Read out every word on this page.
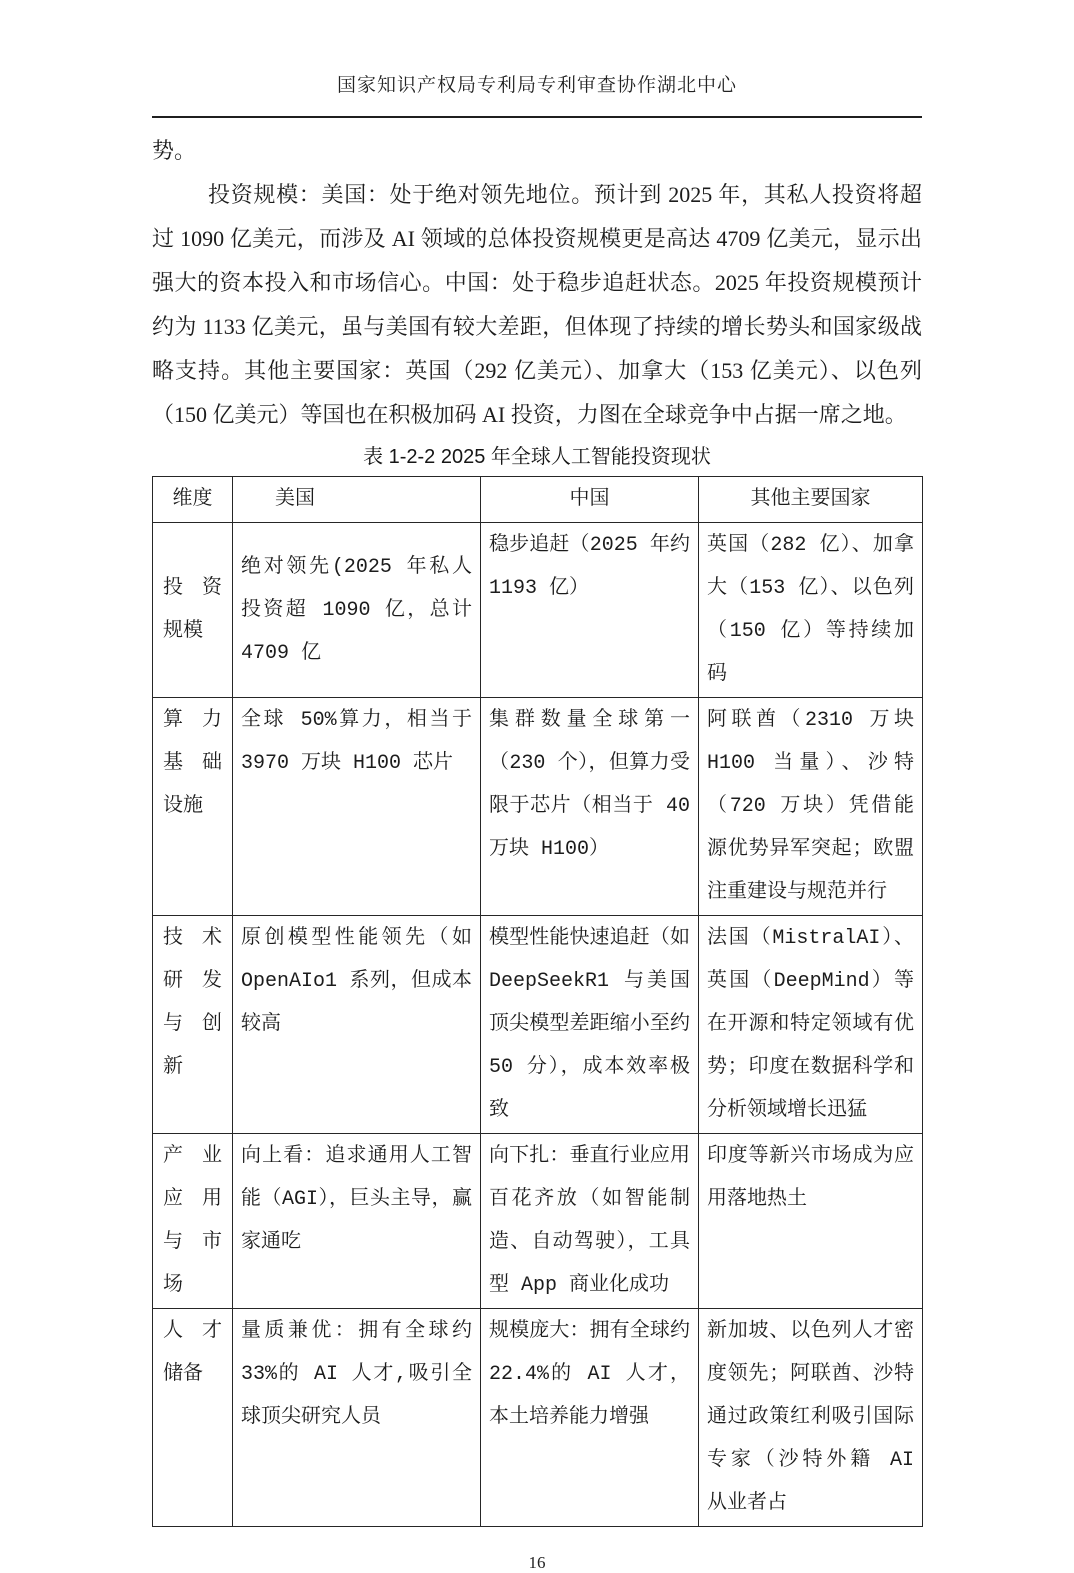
国家知识产权局专利局专利审查协作湖北中心
势。
投资规模：美国：处于绝对领先地位。预计到 2025 年，其私人投资将超过 1090 亿美元，而涉及 AI 领域的总体投资规模更是高达 4709 亿美元，显示出强大的资本投入和市场信心。中国：处于稳步追赶状态。2025 年投资规模预计约为 1133 亿美元，虽与美国有较大差距，但体现了持续的增长势头和国家级战略支持。其他主要国家：英国（292 亿美元）、加拿大（153 亿美元）、以色列（150 亿美元）等国也在积极加码 AI 投资，力图在全球竞争中占据一席之地。
表 1-2-2 2025 年全球人工智能投资现状
维度	美国	中国	其他主要国家
投资规模	绝对领先(2025 年私人投资超 1090 亿，总计 4709 亿	稳步追赶（2025 年约 1193 亿）	英国（282 亿）、加拿大（153 亿）、以色列（150 亿）等持续加码
算力基础设施	全球 50%算力，相当于 3970 万块 H100 芯片	集群数量全球第一（230 个），但算力受限于芯片（相当于 40 万块 H100）	阿联酋（2310 万块 H100 当量）、沙特（720 万块）凭借能源优势异军突起；欧盟注重建设与规范并行
技术研发与创新	原创模型性能领先（如 OpenAIo1 系列，但成本较高	模型性能快速追赶（如 DeepSeekR1 与美国顶尖模型差距缩小至约 50 分），成本效率极致	法国（MistralAI）、英国（DeepMind）等在开源和特定领域有优势；印度在数据科学和分析领域增长迅猛
产业应用与市场	向上看：追求通用人工智能（AGI），巨头主导，赢家通吃	向下扎：垂直行业应用百花齐放（如智能制造、自动驾驶），工具型 App 商业化成功	印度等新兴市场成为应用落地热土
人才储备	量质兼优：拥有全球约 33%的 AI 人才,吸引全球顶尖研究人员	规模庞大：拥有全球约 22.4%的 AI 人才，本土培养能力增强	新加坡、以色列人才密度领先；阿联酋、沙特通过政策红利吸引国际专家（沙特外籍 AI 从业者占
16
